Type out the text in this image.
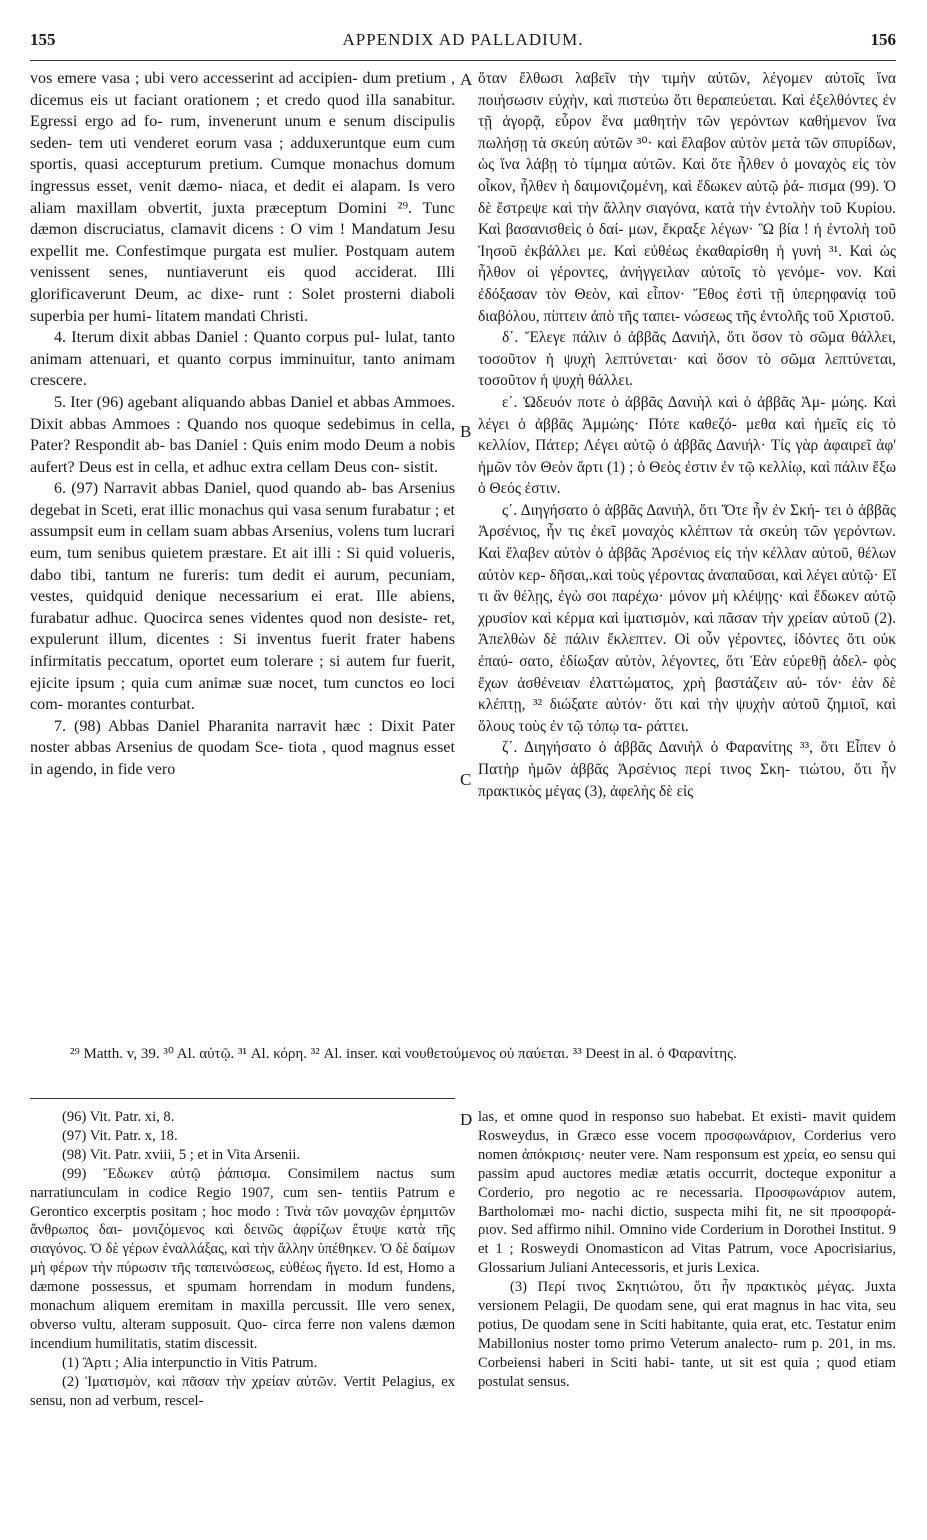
155	APPENDIX AD PALLADIUM.	156

vos emere vasa ; ubi vero accesserint ad accipien- dum pretium , dicemus eis ut faciant orationem ; et credo quod illa sanabitur. Egressi ergo ad fo- rum, invenerunt unum e senum discipulis seden- tem uti venderet eorum vasa ; adduxeruntque eum cum sportis, quasi accepturum pretium. Cumque monachus domum ingressus esset, venit dæmo- niaca, et dedit ei alapam. Is vero aliam maxillam obvertit, juxta præceptum Domini ²⁹. Tunc dæmon discruciatus, clamavit dicens : O vim ! Mandatum Jesu expellit me. Confestimque purgata est mulier. Postquam autem venissent senes, nuntiaverunt eis quod acciderat. Illi glorificaverunt Deum, ac dixe- runt : Solet prosterni diaboli superbia per humi- litatem mandati Christi.

4. Iterum dixit abbas Daniel : Quanto corpus pul- lulat, tanto animam attenuari, et quanto corpus imminuitur, tanto animam crescere.

5. Iter (96) agebant aliquando abbas Daniel et abbas Ammoes. Dixit abbas Ammoes : Quando nos quoque sedebimus in cella, Pater? Respondit ab- bas Daniel : Quis enim modo Deum a nobis aufert? Deus est in cella, et adhuc extra cellam Deus con- sistit.

6. (97) Narravit abbas Daniel, quod quando ab- bas Arsenius degebat in Sceti, erat illic monachus qui vasa senum furabatur ; et assumpsit eum in cellam suam abbas Arsenius, volens tum lucrari eum, tum senibus quietem præstare. Et ait illi : Si quid volueris, dabo tibi, tantum ne fureris: tum dedit ei aurum, pecuniam, vestes, quidquid denique necessarium ei erat. Ille abiens, furabatur adhuc. Quocirca senes videntes quod non desiste- ret, expulerunt illum, dicentes : Si inventus fuerit frater habens infirmitatis peccatum, oportet eum tolerare ; si autem fur fuerit, ejicite ipsum ; quia cum animæ suæ nocet, tum cunctos eo loci com- morantes conturbat.

7. (98) Abbas Daniel Pharanita narravit hæc : Dixit Pater noster abbas Arsenius de quodam Sce- tiota , quod magnus esset in agendo, in fide vero

ὅταν ἔλθωσι λαβεῖν τὴν τιμὴν αὐτῶν, λέγομεν αὐτοῖς ἵνα ποιήσωσιν εὐχὴν, καὶ πιστεύω ὅτι θεραπεύεται. Καὶ ἐξελθόντες ἐν τῇ ἀγορᾷ, εὗρον ἕνα μαθητὴν τῶν γερόντων καθήμενον ἵνα πωλήσῃ τὰ σκεύη αὐτῶν ³⁰· καὶ ἔλαβον αὐτὸν μετὰ τῶν σπυρίδων, ὡς ἵνα λάβῃ τὸ τίμημα αὐτῶν. Καὶ ὅτε ἦλθεν ὁ μοναχὸς εἰς τὸν οἶκον, ἦλθεν ἡ δαιμονιζομένη, καὶ ἔδωκεν αὐτῷ ῥά- πισμα (99). Ὁ δὲ ἔστρεψε καὶ τὴν ἄλλην σιαγόνα, κατὰ τὴν ἐντολὴν τοῦ Κυρίου. Καὶ βασανισθεὶς ὁ δαί- μων, ἔκραξε λέγων· Ὢ βία ! ἡ ἐντολὴ τοῦ Ἰησοῦ ἐκβάλλει με. Καὶ εὐθέως ἐκαθαρίσθη ἡ γυνή ³¹. Καὶ ὡς ἦλθον οἱ γέροντες, ἀνήγγειλαν αὐτοῖς τὸ γενόμε- νον. Καὶ ἐδόξασαν τὸν Θεὸν, καὶ εἶπον· Ἔθος ἐστὶ τῇ ὑπερηφανίᾳ τοῦ διαβόλου, πίπτειν ἀπὸ τῆς ταπει- νώσεως τῆς ἐντολῆς τοῦ Χριστοῦ.

δ΄. Ἔλεγε πάλιν ὁ ἀββᾶς Δανιὴλ, ὅτι ὅσον τὸ σῶμα θάλλει, τοσοῦτον ἡ ψυχὴ λεπτύνεται· καὶ ὅσον τὸ σῶμα λεπτύνεται, τοσοῦτον ἡ ψυχὴ θάλλει.

ε΄. Ὡδευόν ποτε ὁ ἀββᾶς Δανιὴλ καὶ ὁ ἀββᾶς Ἀμ- μώης. Καὶ λέγει ὁ ἀββᾶς Ἀμμώης· Πότε καθεζό- μεθα καὶ ἡμεῖς εἰς τὸ κελλίον, Πάτερ; Λέγει αὐτῷ ὁ ἀββᾶς Δανιήλ· Τίς γὰρ ἀφαιρεῖ ἀφ' ἡμῶν τὸν Θεὸν ἄρτι (1) ; ὁ Θεὸς ἐστιν ἐν τῷ κελλίῳ, καὶ πάλιν ἔξω ὁ Θεός ἐστιν.

ς΄. Διηγήσατο ὁ ἀββᾶς Δανιὴλ, ὅτι Ὅτε ἦν ἐν Σκή- τει ὁ ἀββᾶς Ἀρσένιος, ἦν τις ἐκεῖ μοναχὸς κλέπτων τὰ σκεύη τῶν γερόντων. Καὶ ἔλαβεν αὐτὸν ὁ ἀββᾶς Ἀρσένιος εἰς τὴν κέλλαν αὐτοῦ, θέλων αὐτὸν κερ- δῆσαι,.καὶ τοὺς γέροντας ἀναπαῦσαι, καὶ λέγει αὐτῷ· Εἴ τι ἂν θέλῃς, ἐγὼ σοι παρέχω· μόνον μὴ κλέψῃς· καὶ ἔδωκεν αὐτῷ χρυσίον καὶ κέρμα καὶ ἱματισμὸν, καὶ πᾶσαν τὴν χρείαν αὐτοῦ (2). Ἀπελθὼν δὲ πάλιν ἔκλεπτεν. Οἱ οὖν γέροντες, ἰδόντες ὅτι οὐκ ἐπαύ- σατο, ἐδίωξαν αὐτὸν, λέγοντες, ὅτι Ἐὰν εὑρεθῇ ἀδελ- φὸς ἔχων ἀσθένειαν ἐλαττώματος, χρὴ βαστάζειν αὐ- τόν· ἐὰν δὲ κλέπτῃ, ³² διώξατε αὐτόν· ὅτι καὶ τὴν ψυχὴν αὐτοῦ ζημιοῖ, καὶ ὅλους τοὺς ἐν τῷ τόπῳ τα- ράττει.

ζ΄. Διηγήσατο ὁ ἀββᾶς Δανιὴλ ὁ Φαρανίτης ³³, ὅτι Εἶπεν ὁ Πατὴρ ἡμῶν ἀββᾶς Ἀρσένιος περί τινος Σκη- τιώτου, ὅτι ἦν πρακτικὸς μέγας (3), ἀφελὴς δὲ εἰς

A
B
C
D

²⁹ Matth. v, 39. ³⁰ Al. αὐτῷ. ³¹ Al. κόρη. ³² Al. inser. καὶ νουθετούμενος οὐ παύεται. ³³ Deest in al. ὁ Φαρανίτης.

(96) Vit. Patr. xi, 8.

(97) Vit. Patr. x, 18.

(98) Vit. Patr. xviii, 5 ; et in Vita Arsenii.

(99) Ἔδωκεν αὐτῷ ῥάπισμα. Consimilem nactus sum narratiunculam in codice Regio 1907, cum sen- tentiis Patrum e Gerontico excerptis positam ; hoc modo : Τινὰ τῶν μοναχῶν ἐρημιτῶν ἄνθρωπος δαι- μονιζόμενος καὶ δεινῶς ἀφρίζων ἔτυψε κατὰ τῆς σιαγόνος. Ὁ δὲ γέρων ἐναλλάξας, καὶ τὴν ἄλλην ὑπέθηκεν. Ὁ δὲ δαίμων μὴ φέρων τὴν πύρωσιν τῆς ταπεινώσεως, εὐθέως ἤγετο. Id est, Homo a dæmone possessus, et spumam horrendam in modum fundens, monachum aliquem eremitam in maxilla percussit. Ille vero senex, obverso vultu, alteram supposuit. Quo- circa ferre non valens dæmon incendium humilitatis, statim discessit.

(1) Ἄρτι ; Alia interpunctio in Vitis Patrum.

(2) Ἱματισμὸν, καὶ πᾶσαν τὴν χρείαν αὐτῶν. Vertit Pelagius, ex sensu, non ad verbum, rescel-

las, et omne quod in responso suo habebat. Et existi- mavit quidem Rosweydus, in Græco esse vocem προσφωνάριον, Corderius vero nomen ἀπόκρισις· neuter vere. Nam responsum est χρεία, eo sensu qui passim apud auctores mediæ ætatis occurrit, docteque exponitur a Corderio, pro negotio ac re necessaria. Προσφωνάριον autem, Bartholomæi mo- nachi dictio, suspecta mihi fit, ne sit προσφορά- ριον. Sed affirmo nihil. Omnino vide Corderium in Dorothei Institut. 9 et 1 ; Rosweydi Onomasticon ad Vitas Patrum, voce Apocrisiarius, Glossarium Juliani Antecessoris, et juris Lexica.

(3) Περί τινος Σκητιώτου, ὅτι ἦν πρακτικὸς μέγας. Juxta versionem Pelagii, De quodam sene, qui erat magnus in hac vita, seu potius, De quodam sene in Sciti habitante, quia erat, etc. Testatur enim Mabillonius noster tomo primo Veterum analecto- rum p. 201, in ms. Corbeiensi haberi in Sciti habi- tante, ut sit est quia ; quod etiam postulat sensus.
